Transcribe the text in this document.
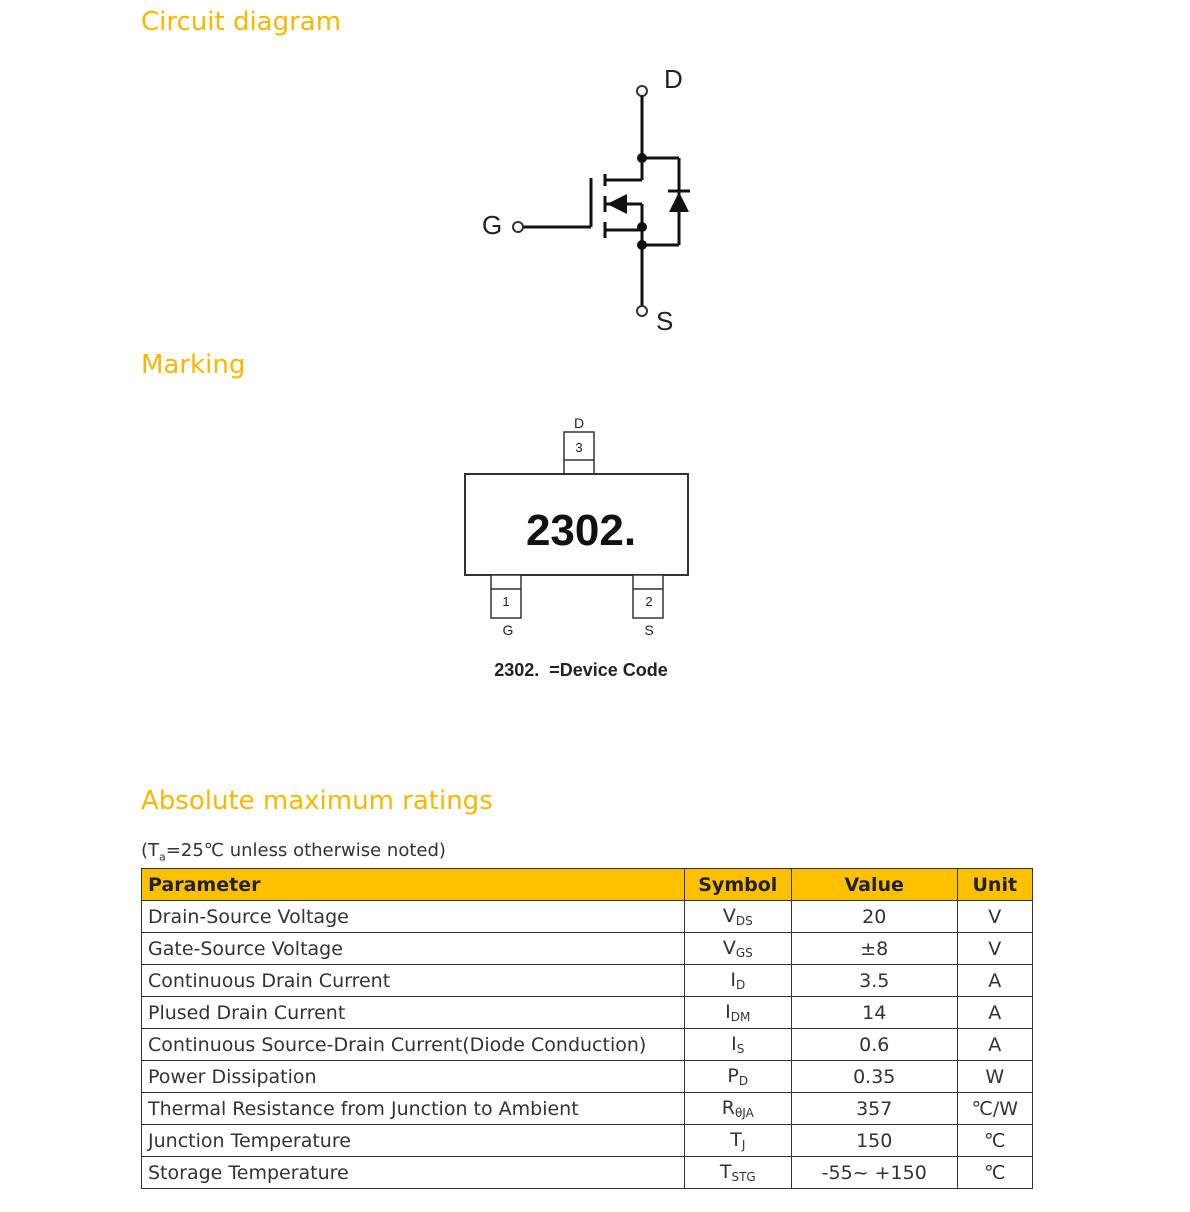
Circuit diagram
D
G
S
Marking
D
3
2302.
1
G
2
S
2302.  =Device Code
Absolute maximum ratings
($T_a=25℃$ unless otherwise noted)
Parameter	Symbol	Value	Unit
Drain-Source Voltage	VDS	20	V
Gate-Source Voltage	VGS	±8	V
Continuous Drain Current	ID	3.5	A
Plused Drain Current	IDM	14	A
Continuous Source-Drain Current(Diode Conduction)	IS	0.6	A
Power Dissipation	PD	0.35	W
Thermal Resistance from Junction to Ambient	RθJA	357	℃/W
Junction Temperature	TJ	150	℃
Storage Temperature	TSTG	-55~ +150	℃
